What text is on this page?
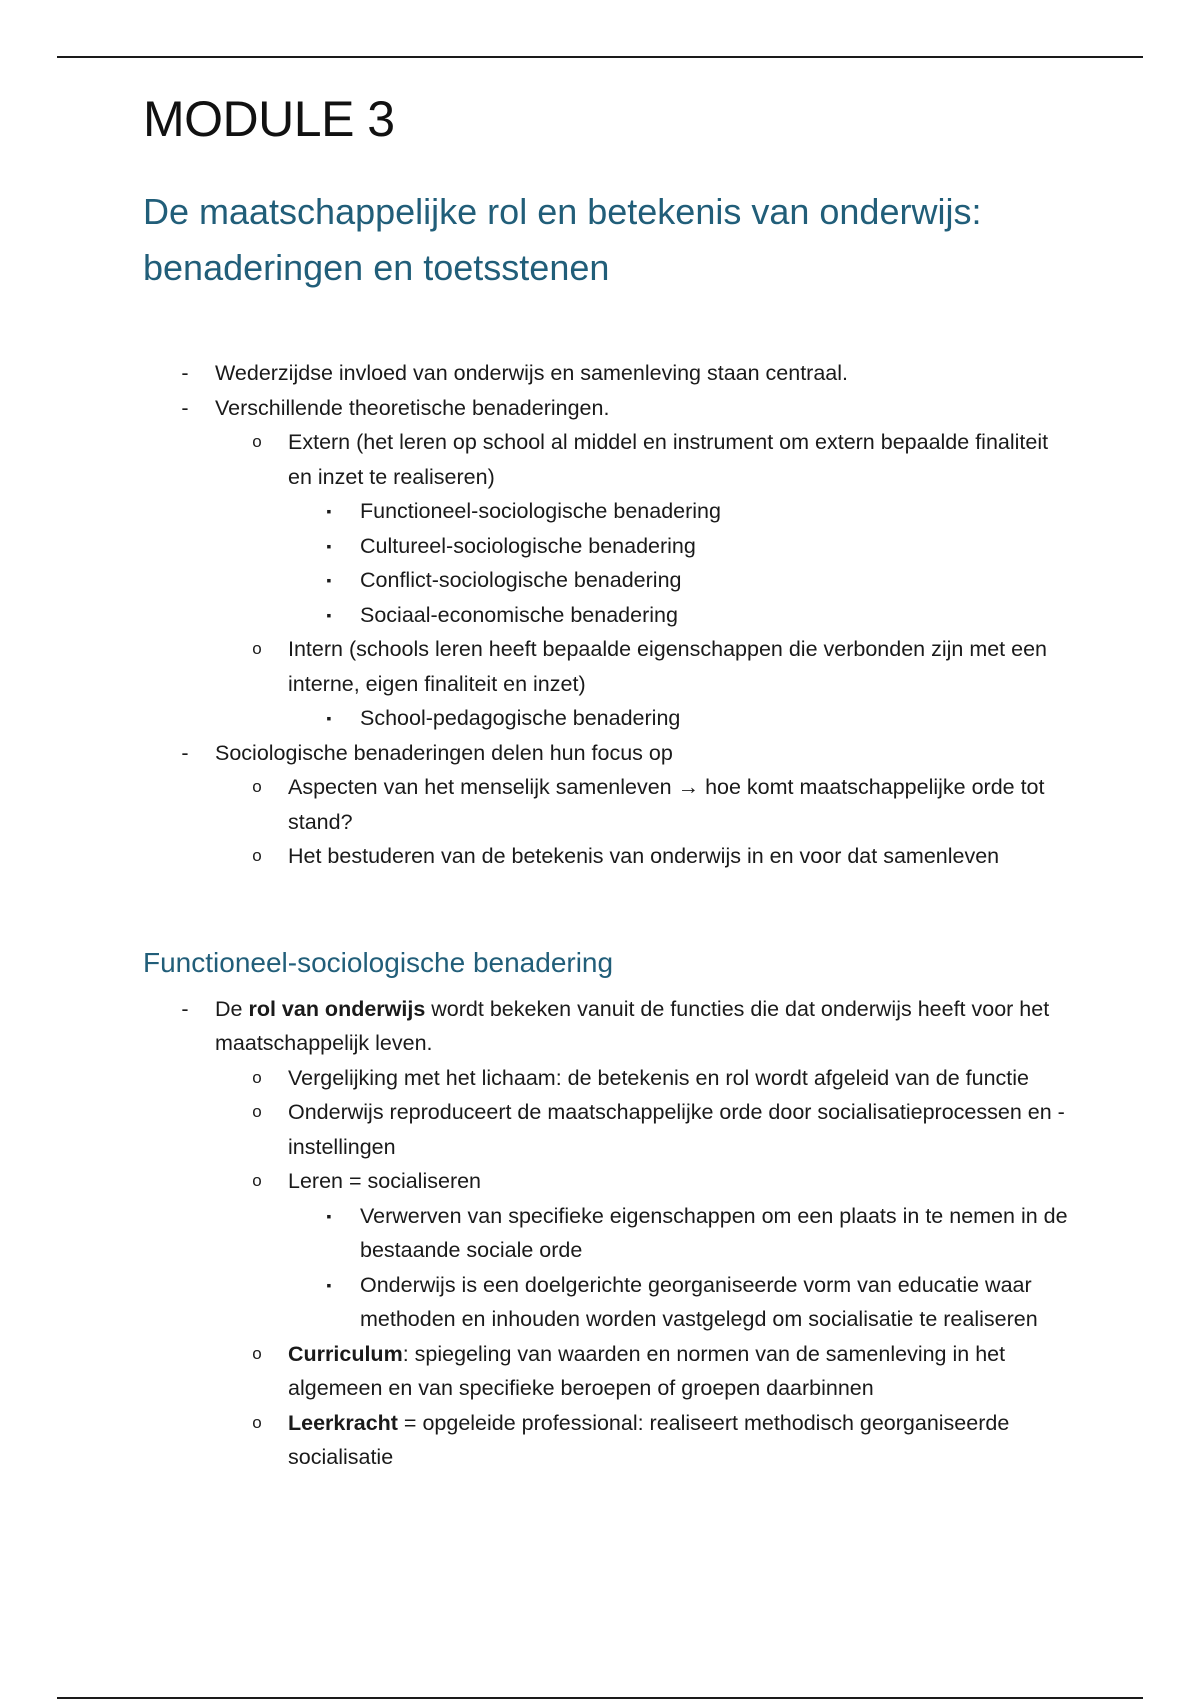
MODULE 3
De maatschappelijke rol en betekenis van onderwijs: benaderingen en toetsstenen
- Wederzijdse invloed van onderwijs en samenleving staan centraal.
- Verschillende theoretische benaderingen.
o Extern (het leren op school al middel en instrument om extern bepaalde finaliteit en inzet te realiseren)
▪	Functioneel-sociologische benadering
▪	Cultureel-sociologische benadering
▪	Conflict-sociologische benadering
▪	Sociaal-economische benadering
o Intern (schools leren heeft bepaalde eigenschappen die verbonden zijn met een interne, eigen finaliteit en inzet)
▪	School-pedagogische benadering
- Sociologische benaderingen delen hun focus op
o Aspecten van het menselijk samenleven → hoe komt maatschappelijke orde tot stand?
o Het bestuderen van de betekenis van onderwijs in en voor dat samenleven
Functioneel-sociologische benadering
- De rol van onderwijs wordt bekeken vanuit de functies die dat onderwijs heeft voor het maatschappelijk leven.
o Vergelijking met het lichaam: de betekenis en rol wordt afgeleid van de functie
o Onderwijs reproduceert de maatschappelijke orde door socialisatieprocessen en -instellingen
o Leren = socialiseren
▪	Verwerven van specifieke eigenschappen om een plaats in te nemen in de bestaande sociale orde
▪	Onderwijs is een doelgerichte georganiseerde vorm van educatie waar methoden en inhouden worden vastgelegd om socialisatie te realiseren
o Curriculum: spiegeling van waarden en normen van de samenleving in het algemeen en van specifieke beroepen of groepen daarbinnen
o Leerkracht = opgeleide professional: realiseert methodisch georganiseerde socialisatie
